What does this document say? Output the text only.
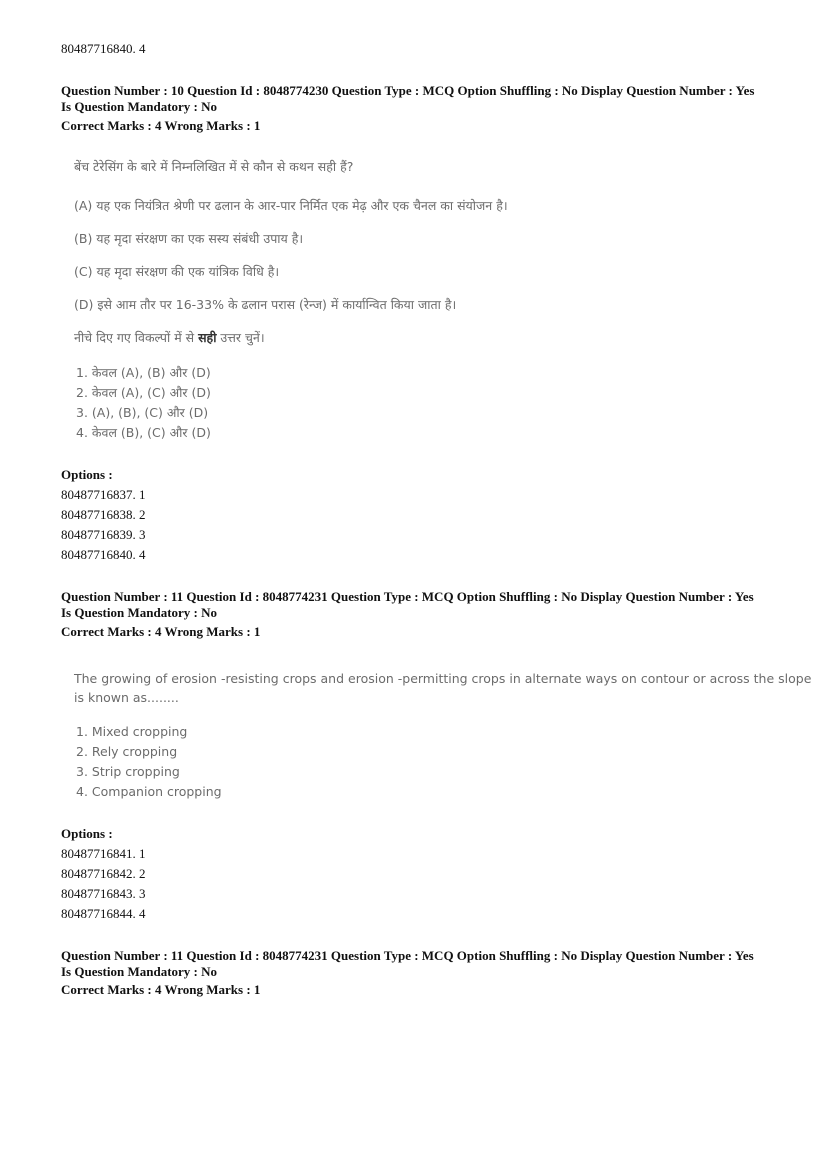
80487716840. 4
Question Number : 10 Question Id : 8048774230 Question Type : MCQ Option Shuffling : No Display Question Number : Yes
Is Question Mandatory : No
Correct Marks : 4 Wrong Marks : 1
बेंच टेरेसिंग के बारे में निम्नलिखित में से कौन से कथन सही हैं?
(A) यह एक नियंत्रित श्रेणी पर ढलान के आर-पार निर्मित एक मेढ़ और एक चैनल का संयोजन है।
(B) यह मृदा संरक्षण का एक सस्य संबंधी उपाय है।
(C) यह मृदा संरक्षण की एक यांत्रिक विधि है।
(D) इसे आम तौर पर 16-33% के ढलान परास (रेन्ज) में कार्यान्वित किया जाता है।
नीचे दिए गए विकल्पों में से सही उत्तर चुनें।
1. केवल (A), (B) और (D)
2. केवल (A), (C) और (D)
3. (A), (B), (C) और (D)
4. केवल (B), (C) और (D)
Options :
80487716837. 1
80487716838. 2
80487716839. 3
80487716840. 4
Question Number : 11 Question Id : 8048774231 Question Type : MCQ Option Shuffling : No Display Question Number : Yes
Is Question Mandatory : No
Correct Marks : 4 Wrong Marks : 1
The growing of erosion -resisting crops and erosion -permitting crops in alternate ways on contour or across the slope
is known as........
1. Mixed cropping
2. Rely cropping
3. Strip cropping
4. Companion cropping
Options :
80487716841. 1
80487716842. 2
80487716843. 3
80487716844. 4
Question Number : 11 Question Id : 8048774231 Question Type : MCQ Option Shuffling : No Display Question Number : Yes
Is Question Mandatory : No
Correct Marks : 4 Wrong Marks : 1
